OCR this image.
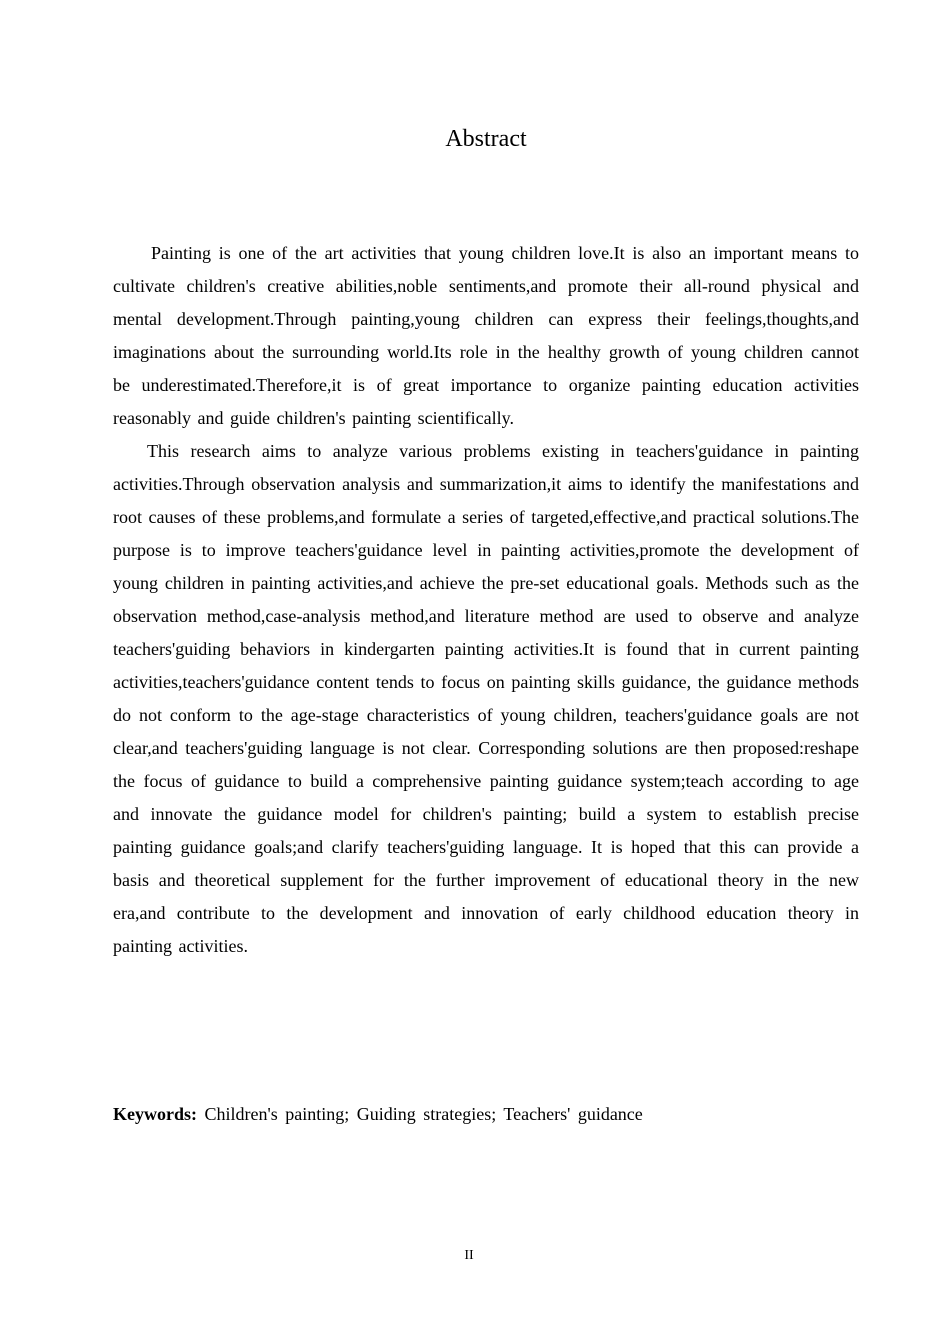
Abstract

Painting is one of the art activities that young children love.It is also an important means to cultivate children's creative abilities,noble sentiments,and promote their all-round physical and mental development.Through painting,young children can express their feelings,thoughts,and imaginations about the surrounding world.Its role in the healthy growth of young children cannot be underestimated.Therefore,it is of great importance to organize painting education activities reasonably and guide children's painting scientifically.

This research aims to analyze various problems existing in teachers'guidance in painting activities.Through observation analysis and summarization,it aims to identify the manifestations and root causes of these problems,and formulate a series of targeted,effective,and practical solutions.The purpose is to improve teachers'guidance level in painting activities,promote the development of young children in painting activities,and achieve the pre-set educational goals. Methods such as the observation method,case-analysis method,and literature method are used to observe and analyze teachers'guiding behaviors in kindergarten painting activities.It is found that in current painting activities,teachers'guidance content tends to focus on painting skills guidance, the guidance methods do not conform to the age-stage characteristics of young children, teachers'guidance goals are not clear,and teachers'guiding language is not clear. Corresponding solutions are then proposed:reshape the focus of guidance to build a comprehensive painting guidance system;teach according to age and innovate the guidance model for children's painting; build a system to establish precise painting guidance goals;and clarify teachers'guiding language. It is hoped that this can provide a basis and theoretical supplement for the further improvement of educational theory in the new era,and contribute to the development and innovation of early childhood education theory in painting activities.

Keywords: Children's painting; Guiding strategies; Teachers' guidance

II
